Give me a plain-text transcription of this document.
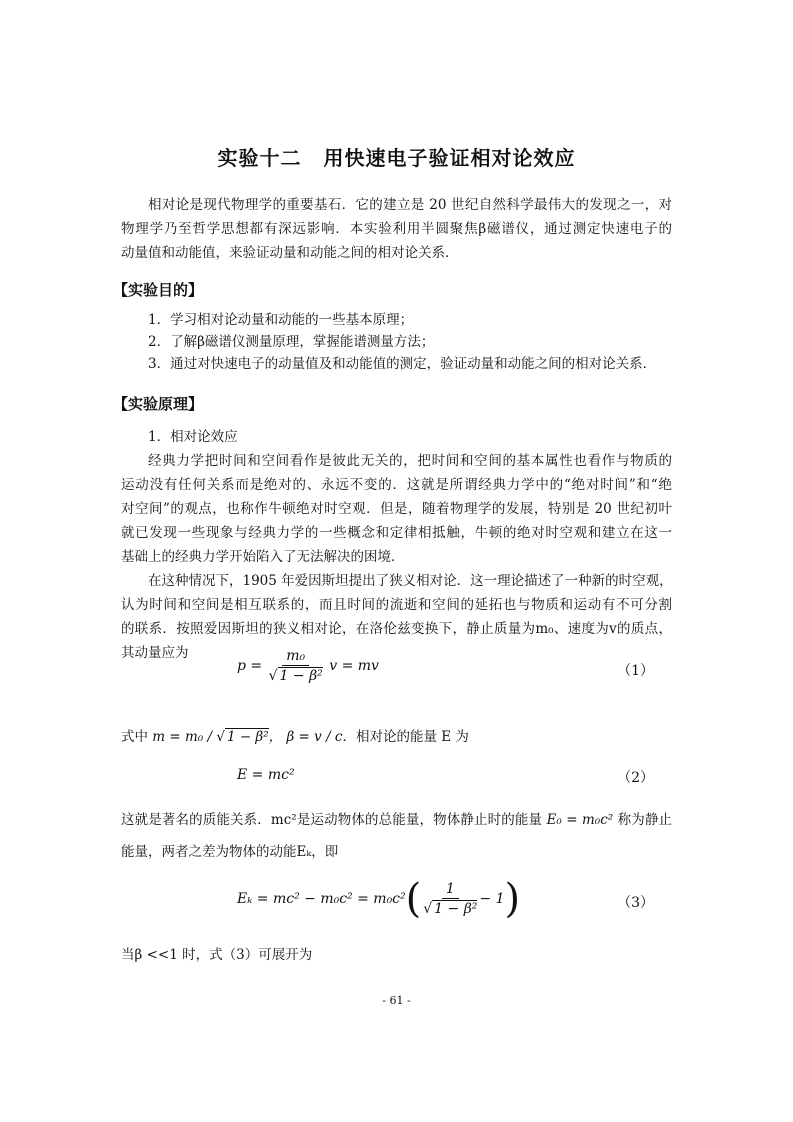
实验十二 用快速电子验证相对论效应
相对论是现代物理学的重要基石．它的建立是 20 世纪自然科学最伟大的发现之一，对
物理学乃至哲学思想都有深远影响．本实验利用半圆聚焦β磁谱仪，通过测定快速电子的
动量值和动能值，来验证动量和动能之间的相对论关系．
【实验目的】
1．学习相对论动量和动能的一些基本原理；
2．了解β磁谱仪测量原理，掌握能谱测量方法；
3．通过对快速电子的动量值及和动能值的测定，验证动量和动能之间的相对论关系．
【实验原理】
1．相对论效应
经典力学把时间和空间看作是彼此无关的，把时间和空间的基本属性也看作与物质的
运动没有任何关系而是绝对的、永远不变的．这就是所谓经典力学中的“绝对时间”和“绝
对空间”的观点，也称作牛顿绝对时空观．但是，随着物理学的发展，特别是 20 世纪初叶
就已发现一些现象与经典力学的一些概念和定律相抵触，牛顿的绝对时空观和建立在这一
基础上的经典力学开始陷入了无法解决的困境．
在这种情况下，1905 年爱因斯坦提出了狭义相对论．这一理论描述了一种新的时空观，
认为时间和空间是相互联系的，而且时间的流逝和空间的延拓也与物质和运动有不可分割
的联系．按照爱因斯坦的狭义相对论，在洛伦兹变换下，静止质量为m₀、速度为v的质点，
其动量应为
$p = \frac{\text{m₀}}{\text{√ 1 − β²}}$ v = mv	（1）
式中 m = m₀ / √ 1 − β²， β = v / c．相对论的能量 E 为
E = mc²	（2）
这就是著名的质能关系．mc²是运动物体的总能量，物体静止时的能量 E₀ = m₀c² 称为静止
能量，两者之差为物体的动能Eₖ，即
$E_k = mc^2 - m_0c^2 = m_0c^2( \frac{1}{\text{√ 1 − β²}} - 1)$	（3）
当β <<1 时，式（3）可展开为
- 61 -
